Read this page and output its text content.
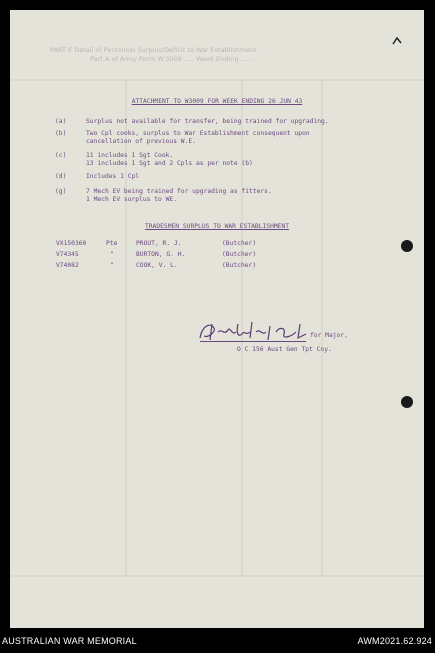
PART E Detail of Personnel Surplus/Deficit to War Establishment
Part A of Army Form W.3009 ..... Week Ending ......
ATTACHMENT TO W3009 FOR WEEK ENDING 26 JUN 43
(a)	Surplus not available for transfer, being trained for upgrading.
(b)	Two Cpl cooks, surplus to War Establishment consequent upon
cancellation of previous W.E.
(c)	11 includes 1 Sgt Cook.
13 includes 1 Sgt and 2 Cpls as per note (b)
(d)	Includes 1 Cpl
(g)	7 Mech EV being trained for upgrading as fitters.
1 Mech EV surplus to WE.
TRADESMEN SURPLUS TO WAR ESTABLISHMENT
VX150360	Pte	PROUT, R. J.	(Butcher)
V74345	"	BURTON, G. H.	(Butcher)
V74082	"	COOK, V. L.	(Butcher)
for Major,
O C 156 Aust Gen Tpt Coy.
AUSTRALIAN WAR MEMORIAL	AWM2021.62.924
